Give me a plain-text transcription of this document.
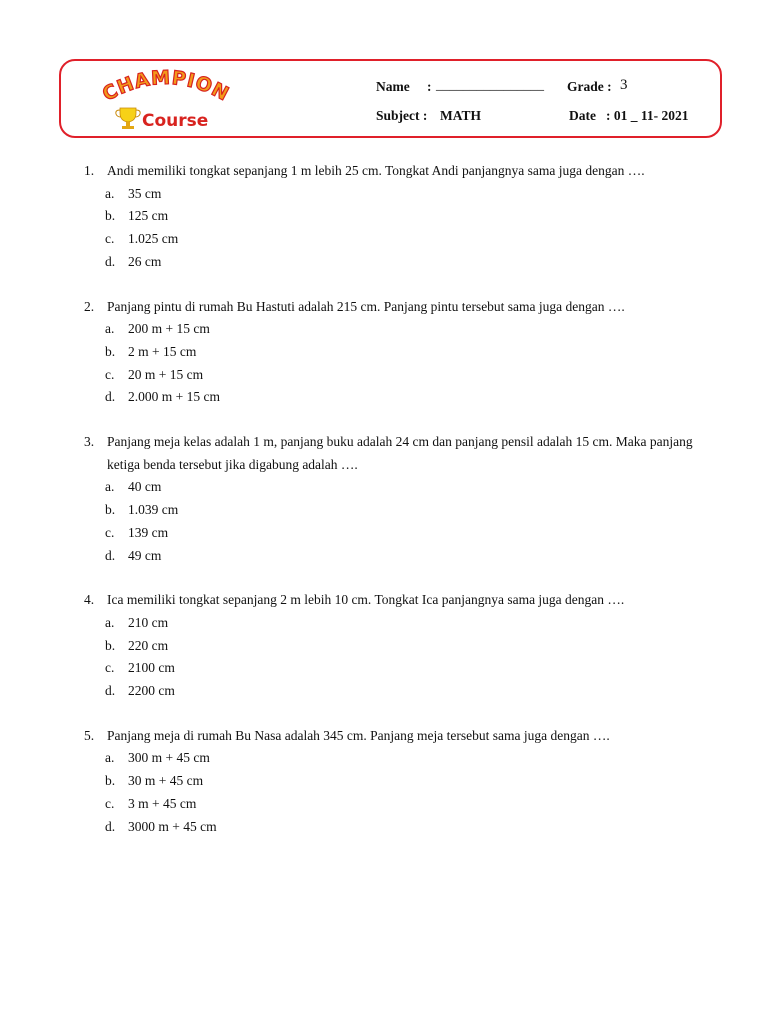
CHAMPION
Course
Name : ________________ Grade : 3
Subject : MATH	Date : 01 _ 11- 2021
1. Andi memiliki tongkat sepanjang 1 m lebih 25 cm. Tongkat Andi panjangnya sama juga dengan ….
a.	35 cm
b. 125 cm
c.	1.025 cm
d. 26 cm
2. Panjang pintu di rumah Bu Hastuti adalah 215 cm. Panjang pintu tersebut sama juga dengan ….
a.	200 m + 15 cm
b. 2 m + 15 cm
c.	20 m + 15 cm
d. 2.000 m + 15 cm
3. Panjang meja kelas adalah 1 m, panjang buku adalah 24 cm dan panjang pensil adalah 15 cm. Maka panjang ketiga benda tersebut jika digabung adalah ….
a.	40 cm
b. 1.039 cm
c.	139 cm
d. 49 cm
4. Ica memiliki tongkat sepanjang 2 m lebih 10 cm. Tongkat Ica panjangnya sama juga dengan ….
a.	210 cm
b. 220 cm
c.	2100 cm
d. 2200 cm
5. Panjang meja di rumah Bu Nasa adalah 345 cm. Panjang meja tersebut sama juga dengan ….
a.	300 m + 45 cm
b. 30 m + 45 cm
c.	3 m + 45 cm
d. 3000 m + 45 cm
